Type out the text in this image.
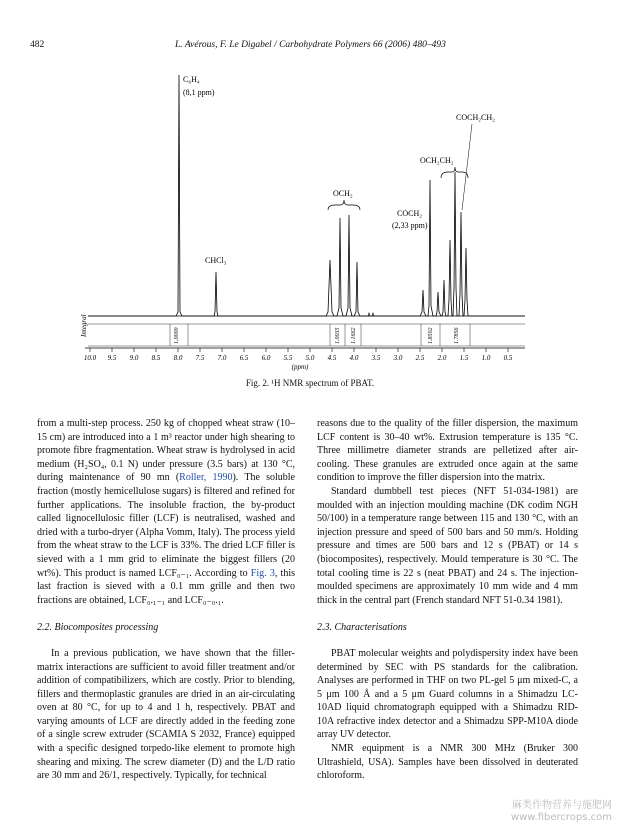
482	L. Avérous, F. Le Digabel / Carbohydrate Polymers 66 (2006) 480–493
C₆H₄
(8,1 ppm)
CHCl₃
OCH₂
COCH₂
(2,33 ppm)
OCH₂CH₂
COCH₂CH₂
Integral	1.0000	1.0035 1.1662	1.8502	1.7856
10.0 9.5 9.0 8.5 8.0 7.5 7.0 6.5 6.0 5.5 5.0 4.5 4.0 3.5 3.0 2.5 2.0 1.5 1.0 0.5
(ppm)
Fig. 2. ¹H NMR spectrum of PBAT.

from a multi-step process. 250 kg of chopped wheat straw (10–15 cm) are introduced into a 1 m³ reactor under high shearing to promote fibre fragmentation. Wheat straw is hydrolysed in acid medium (H₂SO₄, 0.1 N) under pressure (3.5 bars) at 130 °C, during maintenance of 90 mn (Roller, 1990). The soluble fraction (mostly hemicellulose sugars) is filtered and refined for further applications. The insoluble fraction, the by-product called lignocellulosic filler (LCF) is neutralised, washed and dried with a turbo-dryer (Alpha Vomm, Italy). The process yield from the wheat straw to the LCF is 33%. The dried LCF filler is sieved with a 1 mm grid to eliminate the biggest fillers (20 wt%). This product is named LCF₀₋₁. According to Fig. 3, this last fraction is sieved with a 0.1 mm grille and then two fractions are obtained, LCF₀.₁₋₁ and LCF₀₋₀.₁.

2.2. Biocomposites processing

In a previous publication, we have shown that the filler-matrix interactions are sufficient to avoid filler treatment and/or addition of compatibilizers, which are costly. Prior to blending, fillers and thermoplastic granules are dried in an air-circulating oven at 80 °C, for up to 4 and 1 h, respectively. PBAT and varying amounts of LCF are directly added in the feeding zone of a single screw extruder (SCAMIA S 2032, France) equipped with a specific designed torpedo-like element to promote high shearing and mixing. The screw diameter (D) and the L/D ratio are 30 mm and 26/1, respectively. Typically, for technical

reasons due to the quality of the filler dispersion, the maximum LCF content is 30–40 wt%. Extrusion temperature is 135 °C. Three millimetre diameter strands are pelletized after air-cooling. These granules are extruded once again at the same condition to improve the filler dispersion into the matrix.

Standard dumbbell test pieces (NFT 51-034-1981) are moulded with an injection moulding machine (DK codim NGH 50/100) in a temperature range between 115 and 130 °C, with an injection pressure and speed of 500 bars and 50 mm/s. Holding pressure and times are 500 bars and 12 s (PBAT) or 14 s (biocomposites), respectively. Mould temperature is 30 °C. The total cooling time is 22 s (neat PBAT) and 24 s. The injection-moulded specimens are approximately 10 mm wide and 4 mm thick in the central part (French standard NFT 51-0.34 1981).

2.3. Characterisations

PBAT molecular weights and polydispersity index have been determined by SEC with PS standards for the calibration. Analyses are performed in THF on two PL-gel 5 μm mixed-C, a 5 μm 100 Å and a 5 μm Guard columns in a Shimadzu LC-10AD liquid chromatograph equipped with a Shimadzu RID-10A refractive index detector and a Shimadzu SPP-M10A diode array UV detector.

NMR equipment is a NMR 300 MHz (Bruker 300 Ultrashield, USA). Samples have been dissolved in deuterated chloroform.

麻类作物营养与施肥网
www.fibercrops.com
